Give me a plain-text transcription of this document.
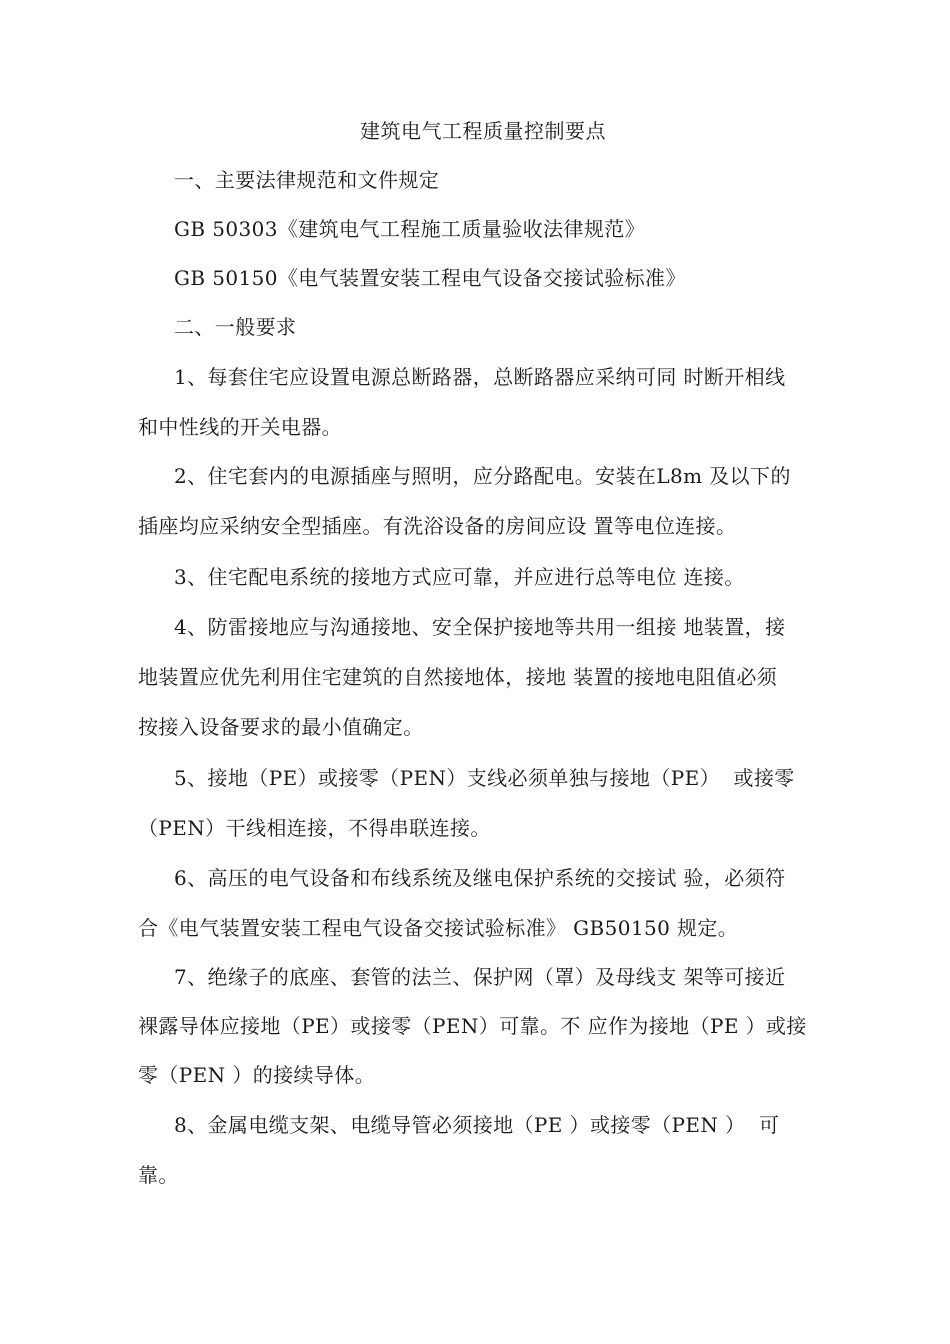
建筑电气工程质量控制要点
一、主要法律规范和文件规定
GB 50303《建筑电气工程施工质量验收法律规范》
GB 50150《电气装置安装工程电气设备交接试验标准》
二、一般要求
1、每套住宅应设置电源总断路器，总断路器应采纳可同 时断开相线
和中性线的开关电器。
2、住宅套内的电源插座与照明，应分路配电。安装在L8m 及以下的
插座均应采纳安全型插座。有洗浴设备的房间应设 置等电位连接。
3、住宅配电系统的接地方式应可靠，并应进行总等电位 连接。
4、防雷接地应与沟通接地、安全保护接地等共用一组接 地装置，接
地装置应优先利用住宅建筑的自然接地体，接地 装置的接地电阻值必须
按接入设备要求的最小值确定。
5、接地（PE）或接零（PEN）支线必须单独与接地（PE）  或接零
（PEN）干线相连接，不得串联连接。
6、高压的电气设备和布线系统及继电保护系统的交接试 验，必须符
合《电气装置安装工程电气设备交接试验标准》 GB50150 规定。
7、绝缘子的底座、套管的法兰、保护网（罩）及母线支 架等可接近
裸露导体应接地（PE）或接零（PEN）可靠。不 应作为接地（PE ）或接
零（PEN ）的接续导体。
8、金属电缆支架、电缆导管必须接地（PE ）或接零（PEN ）  可
靠。
